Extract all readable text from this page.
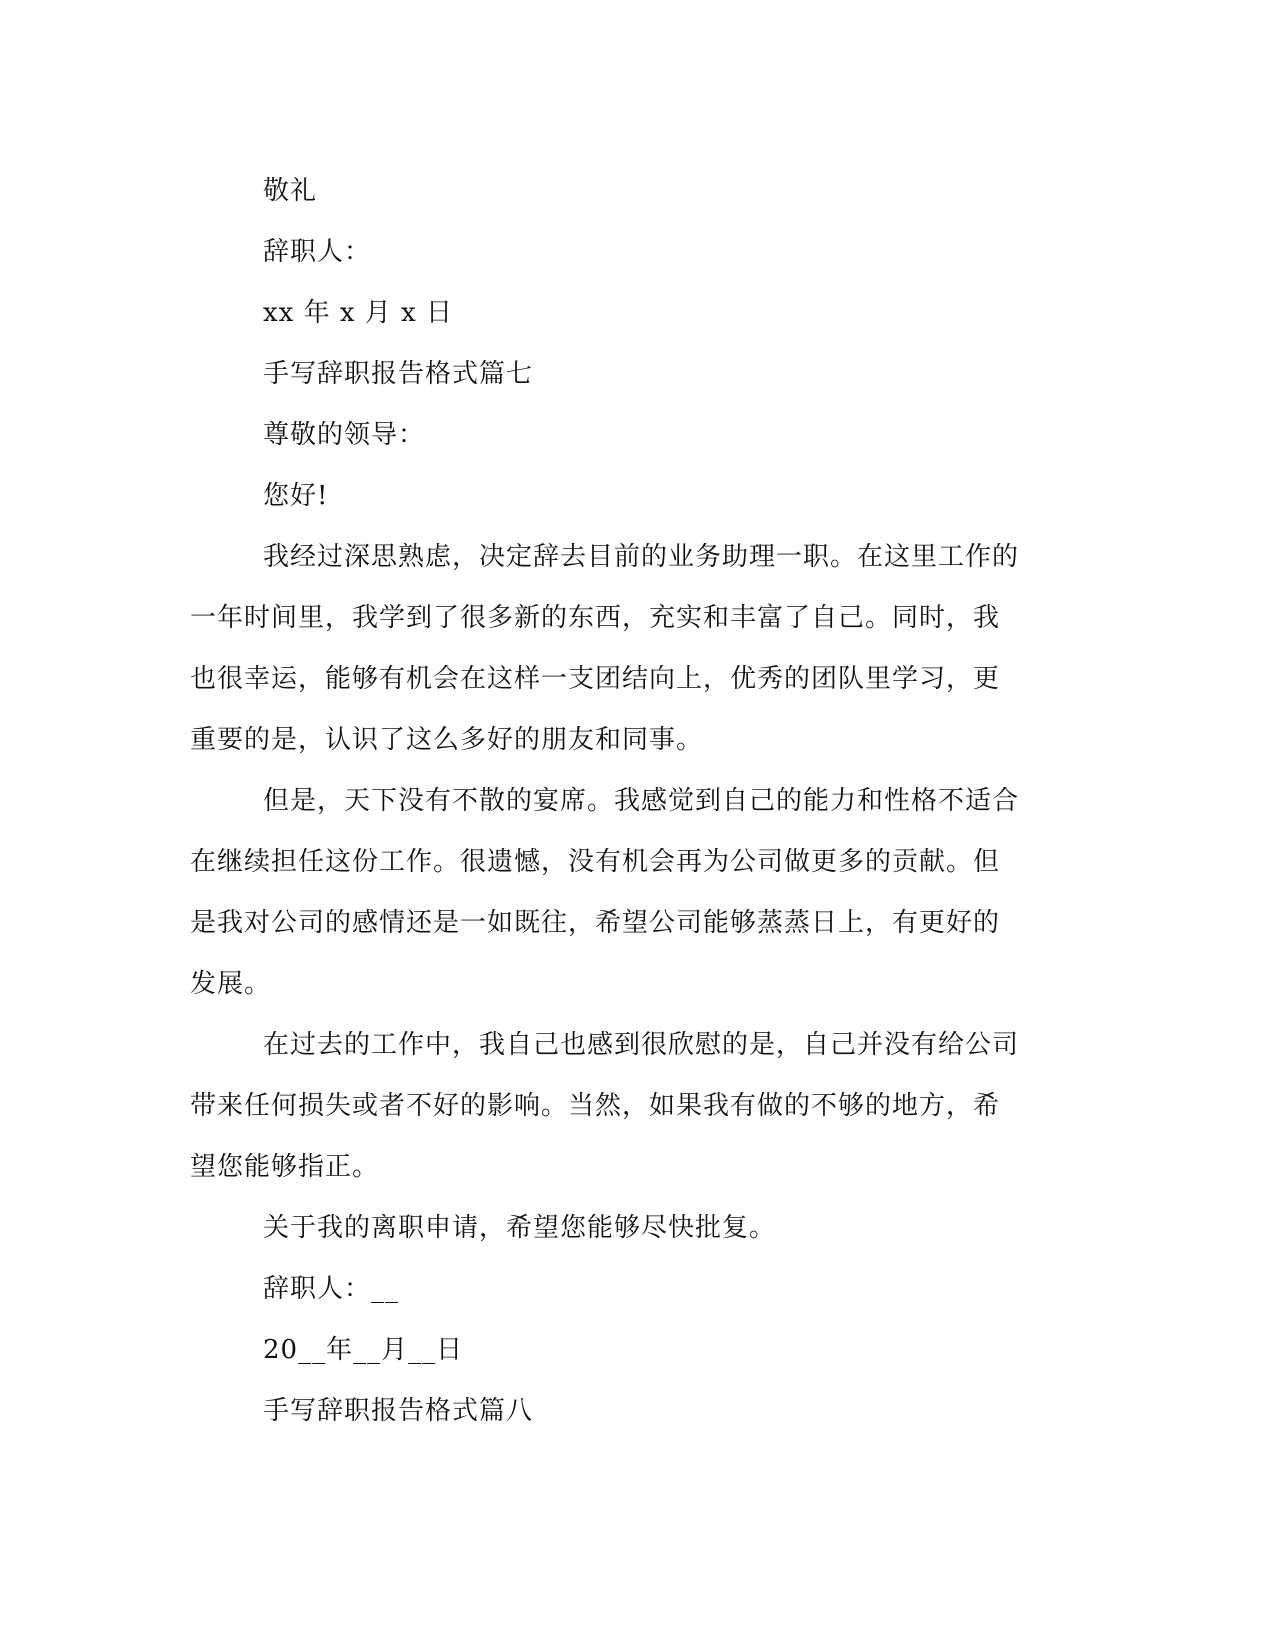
敬礼
辞职人：
xx 年 x 月 x 日
手写辞职报告格式篇七
尊敬的领导：
您好!
我经过深思熟虑，决定辞去目前的业务助理一职。在这里工作的
一年时间里，我学到了很多新的东西，充实和丰富了自己。同时，我
也很幸运，能够有机会在这样一支团结向上，优秀的团队里学习，更
重要的是，认识了这么多好的朋友和同事。
但是，天下没有不散的宴席。我感觉到自己的能力和性格不适合
在继续担任这份工作。很遗憾，没有机会再为公司做更多的贡献。但
是我对公司的感情还是一如既往，希望公司能够蒸蒸日上，有更好的
发展。
在过去的工作中，我自己也感到很欣慰的是，自己并没有给公司
带来任何损失或者不好的影响。当然，如果我有做的不够的地方，希
望您能够指正。
关于我的离职申请，希望您能够尽快批复。
辞职人：__
20__年__月__日
手写辞职报告格式篇八
